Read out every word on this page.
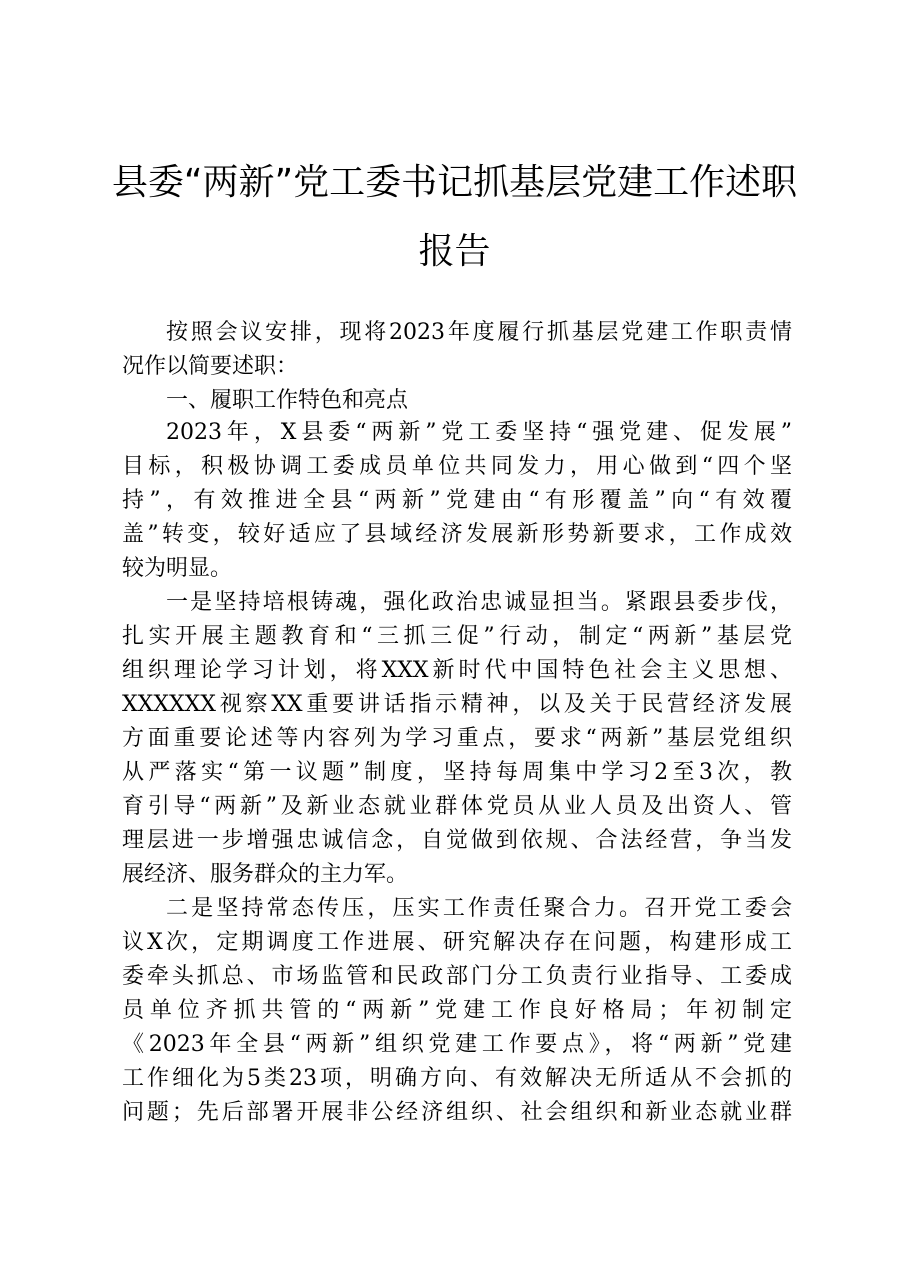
县委“两新”党工委书记抓基层党建工作述职
报告
按照会议安排，现将2023年度履行抓基层党建工作职责情
况作以简要述职：
一、履职工作特色和亮点
2023年，X县委“两新”党工委坚持“强党建、促发展”
目标，积极协调工委成员单位共同发力，用心做到“四个坚
持”，有效推进全县“两新”党建由“有形覆盖”向“有效覆
盖”转变，较好适应了县域经济发展新形势新要求，工作成效
较为明显。
一是坚持培根铸魂，强化政治忠诚显担当。紧跟县委步伐，
扎实开展主题教育和“三抓三促”行动，制定“两新”基层党
组织理论学习计划，将XXX新时代中国特色社会主义思想、
XXXXXX视察XX重要讲话指示精神，以及关于民营经济发展
方面重要论述等内容列为学习重点，要求“两新”基层党组织
从严落实“第一议题”制度，坚持每周集中学习2至3次，教
育引导“两新”及新业态就业群体党员从业人员及出资人、管
理层进一步增强忠诚信念，自觉做到依规、合法经营，争当发
展经济、服务群众的主力军。
二是坚持常态传压，压实工作责任聚合力。召开党工委会
议X次，定期调度工作进展、研究解决存在问题，构建形成工
委牵头抓总、市场监管和民政部门分工负责行业指导、工委成
员单位齐抓共管的“两新”党建工作良好格局；年初制定
《2023年全县“两新”组织党建工作要点》，将“两新”党建
工作细化为5类23项，明确方向、有效解决无所适从不会抓的
问题；先后部署开展非公经济组织、社会组织和新业态就业群
